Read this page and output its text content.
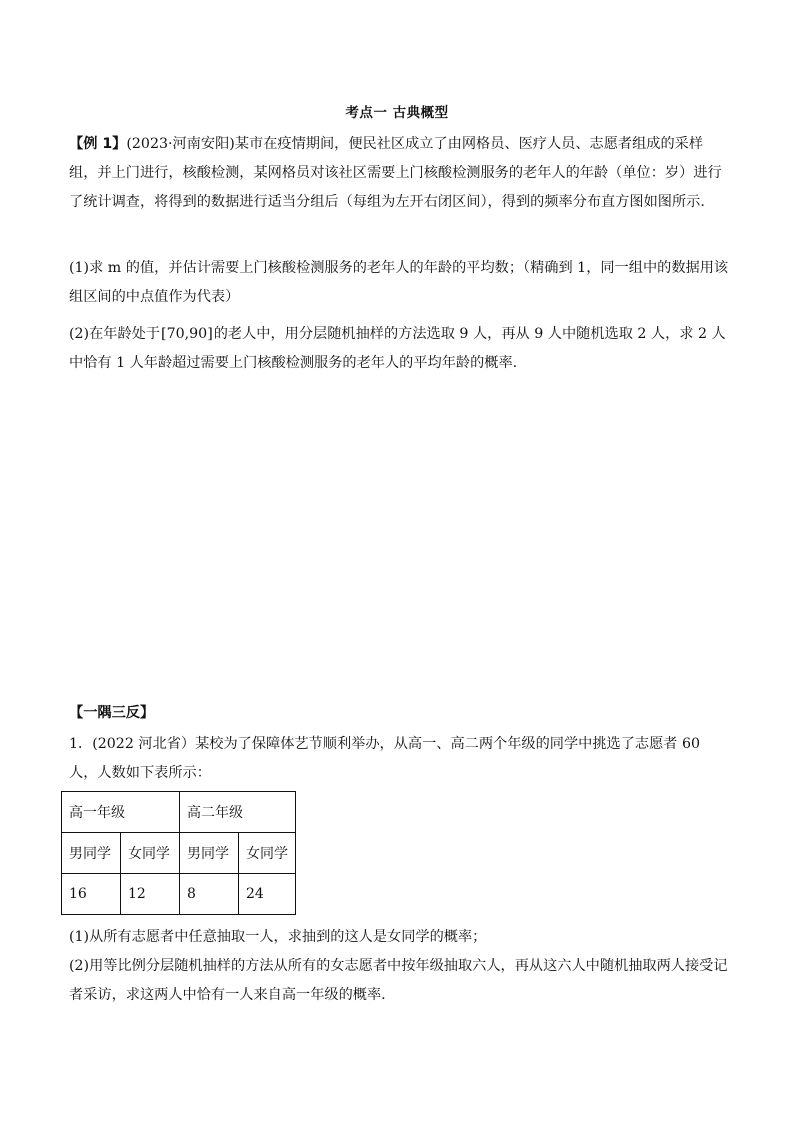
考点一 古典概型
【例 1】(2023·河南安阳)某市在疫情期间，便民社区成立了由网格员、医疗人员、志愿者组成的采样组，并上门进行，核酸检测，某网格员对该社区需要上门核酸检测服务的老年人的年龄（单位：岁）进行了统计调查，将得到的数据进行适当分组后（每组为左开右闭区间），得到的频率分布直方图如图所示.
(1)求 m 的值，并估计需要上门核酸检测服务的老年人的年龄的平均数；（精确到 1，同一组中的数据用该组区间的中点值作为代表）
(2)在年龄处于[70,90]的老人中，用分层随机抽样的方法选取 9 人，再从 9 人中随机选取 2 人，求 2 人中恰有 1 人年龄超过需要上门核酸检测服务的老年人的平均年龄的概率.
【一隅三反】
1．(2022 河北省）某校为了保障体艺节顺利举办，从高一、高二两个年级的同学中挑选了志愿者 60 人，人数如下表所示：
高一年级		高二年级	
男同学	女同学	男同学	女同学
16	12	8	24
(1)从所有志愿者中任意抽取一人，求抽到的这人是女同学的概率；
(2)用等比例分层随机抽样的方法从所有的女志愿者中按年级抽取六人，再从这六人中随机抽取两人接受记者采访，求这两人中恰有一人来自高一年级的概率.
